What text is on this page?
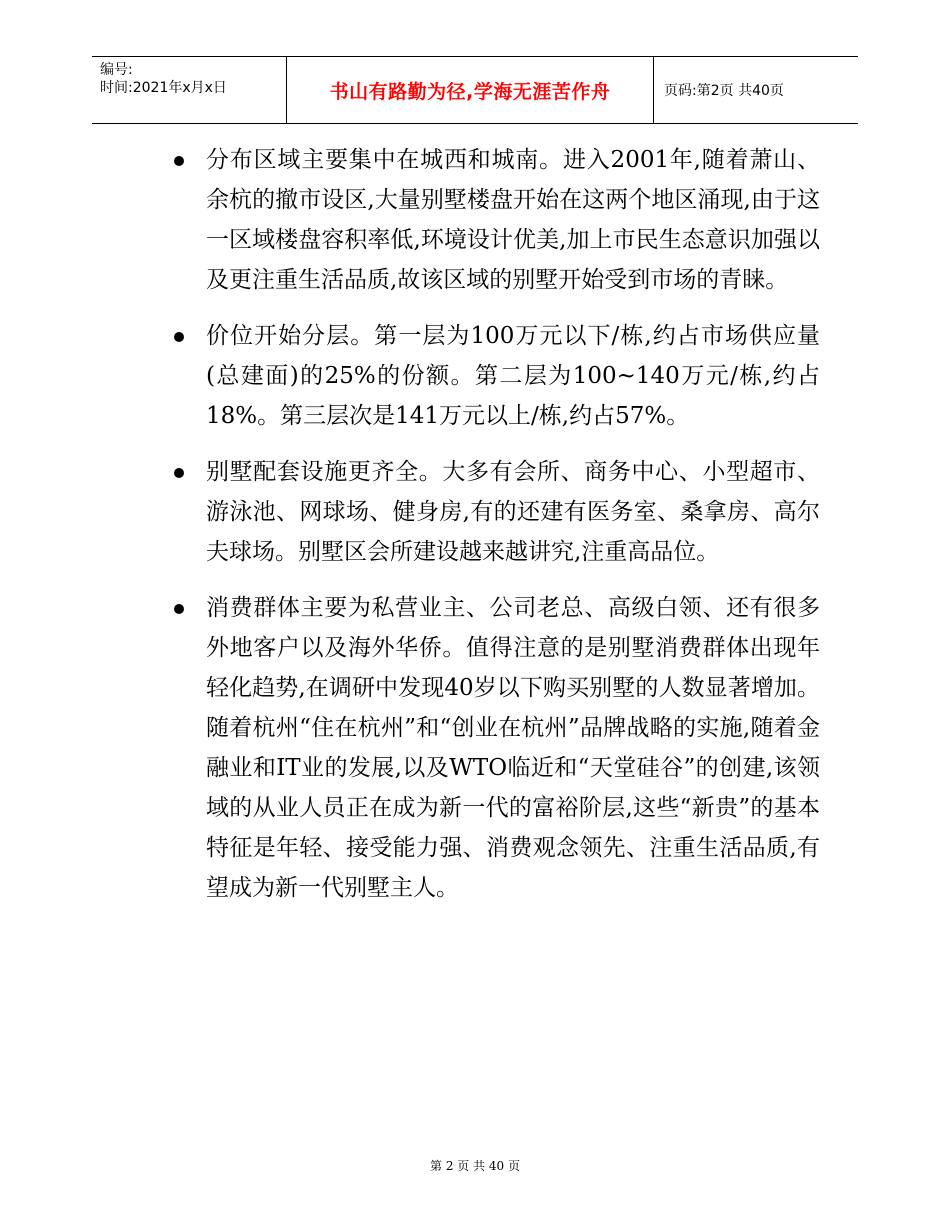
编号:
时间:2021年x月x日	书山有路勤为径,学海无涯苦作舟	页码:第2页 共40页
分布区域主要集中在城西和城南。进入2001年,随着萧山、余杭的撤市设区,大量别墅楼盘开始在这两个地区涌现,由于这一区域楼盘容积率低,环境设计优美,加上市民生态意识加强以及更注重生活品质,故该区域的别墅开始受到市场的青睐。
价位开始分层。第一层为100万元以下/栋,约占市场供应量(总建面)的25%的份额。第二层为100~140万元/栋,约占18%。第三层次是141万元以上/栋,约占57%。
别墅配套设施更齐全。大多有会所、商务中心、小型超市、游泳池、网球场、健身房,有的还建有医务室、桑拿房、高尔夫球场。别墅区会所建设越来越讲究,注重高品位。
消费群体主要为私营业主、公司老总、高级白领、还有很多外地客户以及海外华侨。值得注意的是别墅消费群体出现年轻化趋势,在调研中发现40岁以下购买别墅的人数显著增加。随着杭州“住在杭州”和“创业在杭州”品牌战略的实施,随着金融业和IT业的发展,以及WTO临近和“天堂硅谷”的创建,该领域的从业人员正在成为新一代的富裕阶层,这些“新贵”的基本特征是年轻、接受能力强、消费观念领先、注重生活品质,有望成为新一代别墅主人。
第 2 页 共 40 页
